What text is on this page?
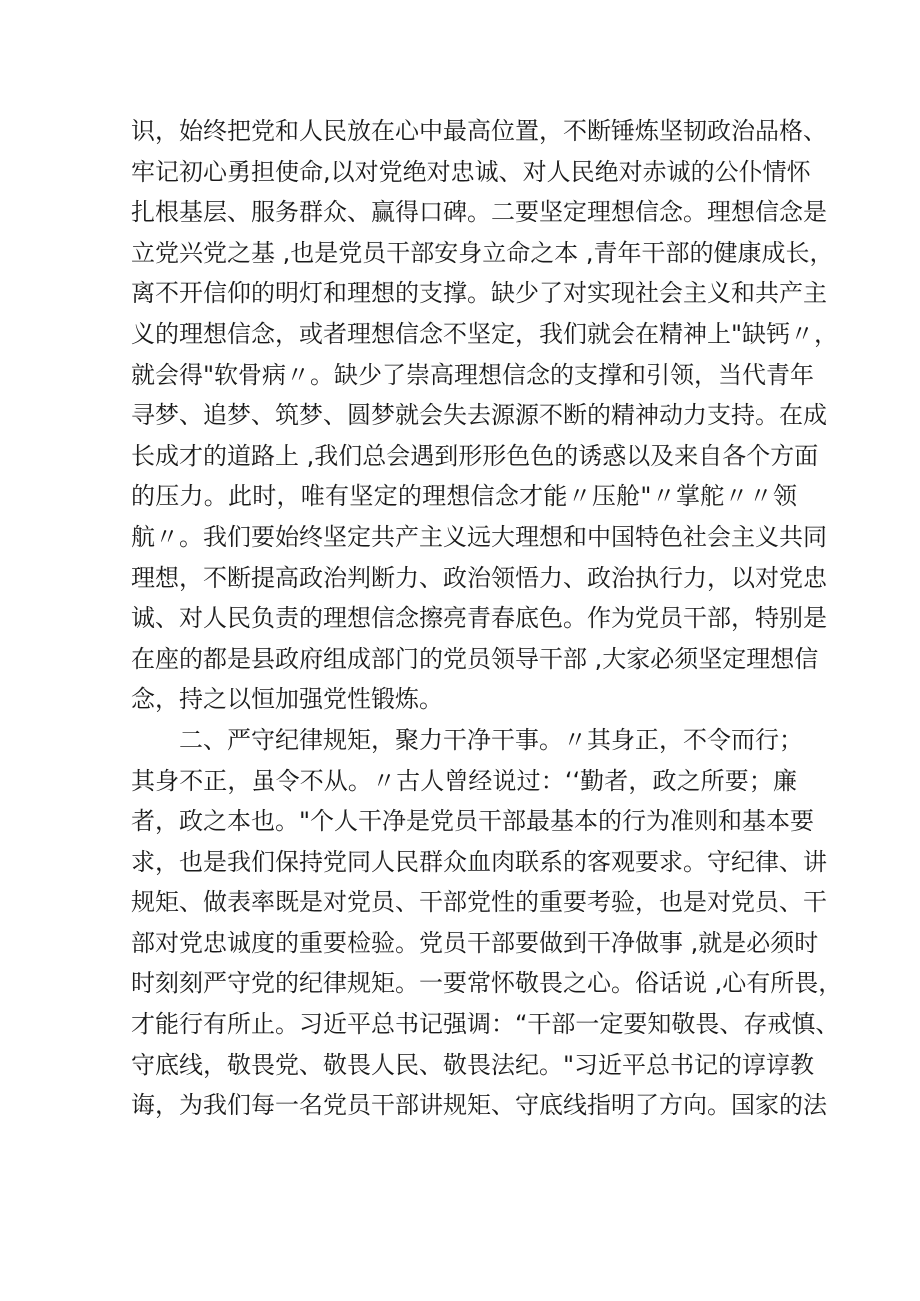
识，始终把党和人民放在心中最高位置，不断锤炼坚韧政治品格、
牢记初心勇担使命,以对党绝对忠诚、对人民绝对赤诚的公仆情怀
扎根基层、服务群众、赢得口碑。二要坚定理想信念。理想信念是
立党兴党之基 ,也是党员干部安身立命之本 ,青年干部的健康成长，
离不开信仰的明灯和理想的支撑。缺少了对实现社会主义和共产主
义的理想信念，或者理想信念不坚定，我们就会在精神上"缺钙〃，
就会得"软骨病〃。缺少了崇高理想信念的支撑和引领，当代青年
寻梦、追梦、筑梦、圆梦就会失去源源不断的精神动力支持。在成
长成才的道路上 ,我们总会遇到形形色色的诱惑以及来自各个方面
的压力。此时，唯有坚定的理想信念才能〃压舱"〃掌舵〃〃领
航〃。我们要始终坚定共产主义远大理想和中国特色社会主义共同
理想，不断提高政治判断力、政治领悟力、政治执行力，以对党忠
诚、对人民负责的理想信念擦亮青春底色。作为党员干部，特别是
在座的都是县政府组成部门的党员领导干部 ,大家必须坚定理想信
念，持之以恒加强党性锻炼。
二、严守纪律规矩，聚力干净干事。〃其身正，不令而行；
其身不正，虽令不从。〃古人曾经说过：‘‘勤者，政之所要；廉
者，政之本也。"个人干净是党员干部最基本的行为准则和基本要
求，也是我们保持党同人民群众血肉联系的客观要求。守纪律、讲
规矩、做表率既是对党员、干部党性的重要考验，也是对党员、干
部对党忠诚度的重要检验。党员干部要做到干净做事 ,就是必须时
时刻刻严守党的纪律规矩。一要常怀敬畏之心。俗话说 ,心有所畏，
才能行有所止。习近平总书记强调：“干部一定要知敬畏、存戒慎、
守底线，敬畏党、敬畏人民、敬畏法纪。"习近平总书记的谆谆教
诲，为我们每一名党员干部讲规矩、守底线指明了方向。国家的法
